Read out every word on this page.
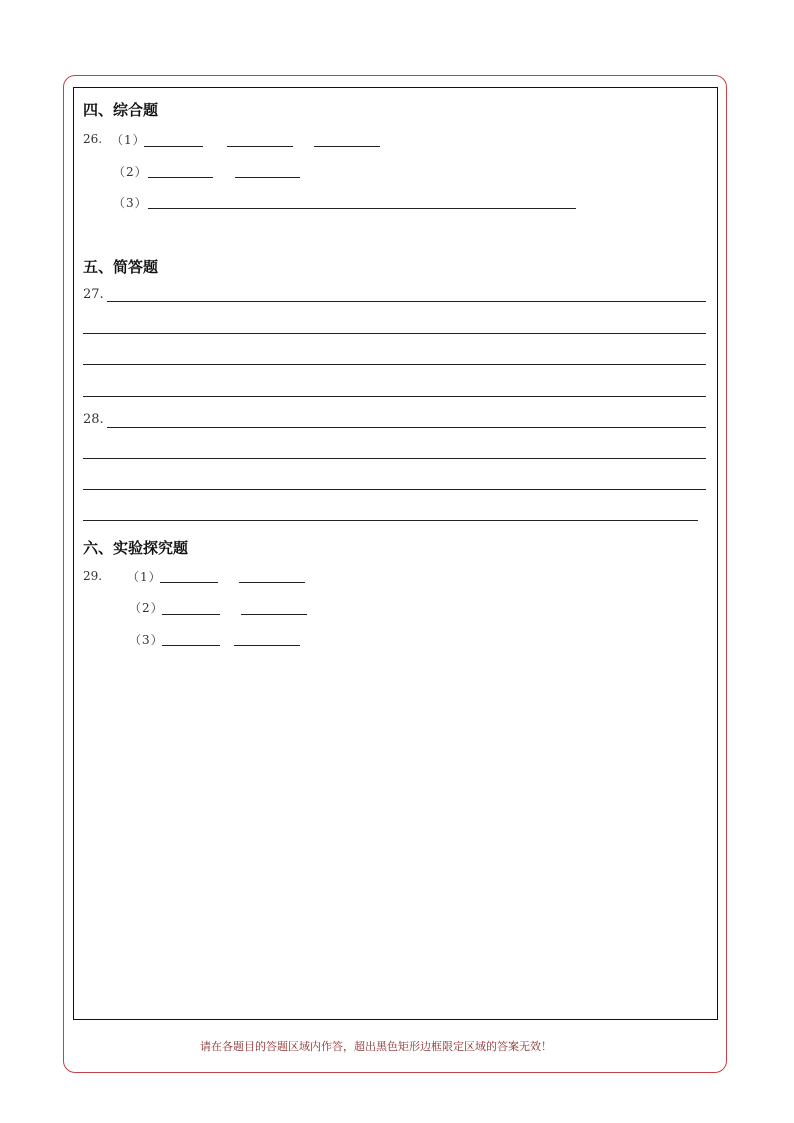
四、综合题
26. （1）
（2）
（3）
五、简答题
27.
28.
六、实验探究题
29. （1）
（2）
（3）
请在各题目的答题区域内作答，超出黑色矩形边框限定区域的答案无效！
